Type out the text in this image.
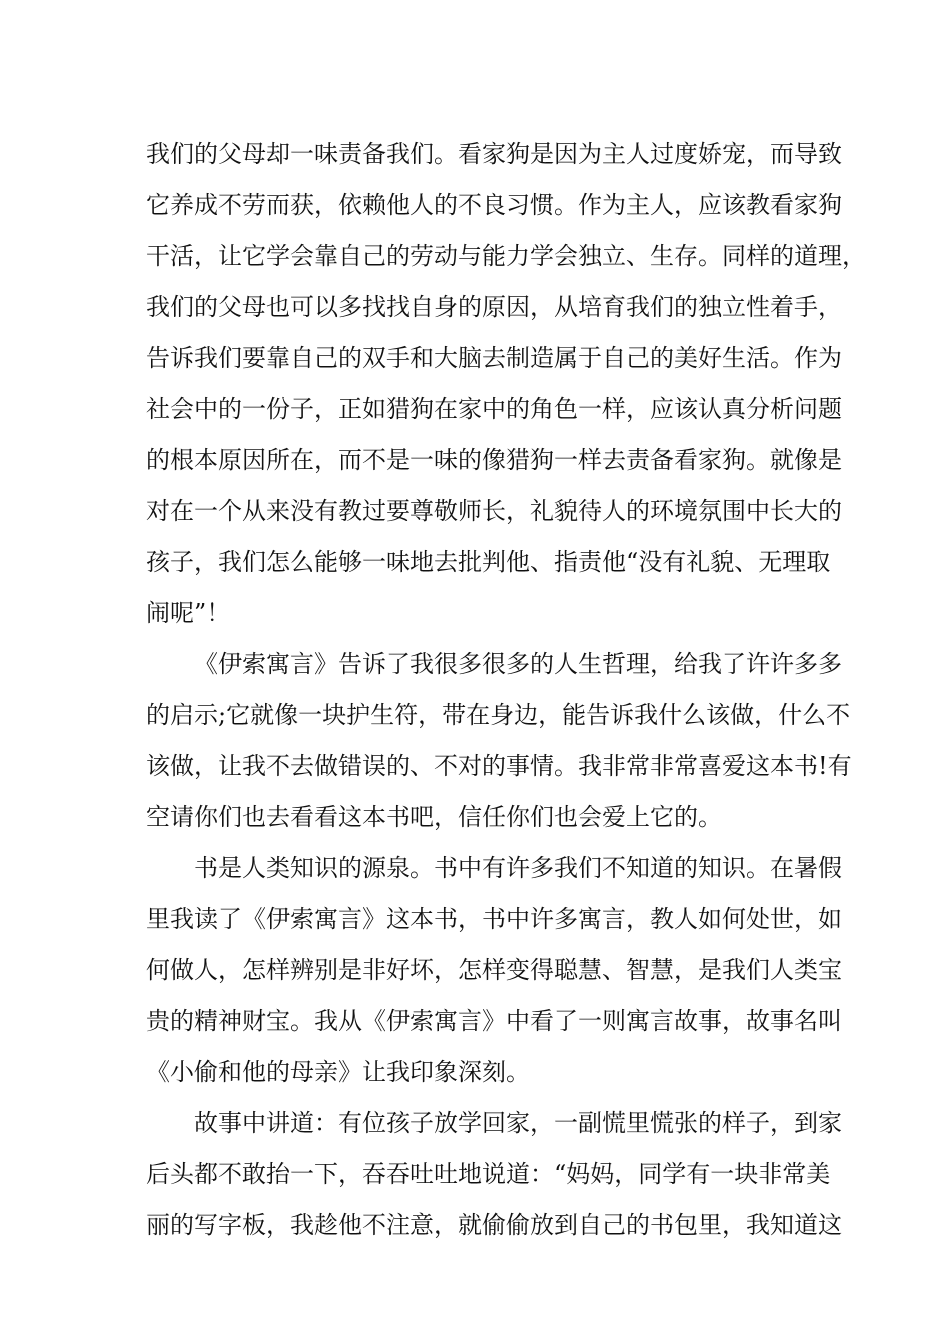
我们的父母却一味责备我们。看家狗是因为主人过度娇宠，而导致
它养成不劳而获，依赖他人的不良习惯。作为主人，应该教看家狗
干活，让它学会靠自己的劳动与能力学会独立、生存。同样的道理，
我们的父母也可以多找找自身的原因，从培育我们的独立性着手，
告诉我们要靠自己的双手和大脑去制造属于自己的美好生活。作为
社会中的一份子，正如猎狗在家中的角色一样，应该认真分析问题
的根本原因所在，而不是一味的像猎狗一样去责备看家狗。就像是
对在一个从来没有教过要尊敬师长，礼貌待人的环境氛围中长大的
孩子，我们怎么能够一味地去批判他、指责他“没有礼貌、无理取
闹呢”！
《伊索寓言》告诉了我很多很多的人生哲理，给我了许许多多
的启示;它就像一块护生符，带在身边，能告诉我什么该做，什么不
该做，让我不去做错误的、不对的事情。我非常非常喜爱这本书!有
空请你们也去看看这本书吧，信任你们也会爱上它的。
书是人类知识的源泉。书中有许多我们不知道的知识。在暑假
里我读了《伊索寓言》这本书，书中许多寓言，教人如何处世，如
何做人，怎样辨别是非好坏，怎样变得聪慧、智慧，是我们人类宝
贵的精神财宝。我从《伊索寓言》中看了一则寓言故事，故事名叫
《小偷和他的母亲》让我印象深刻。
故事中讲道：有位孩子放学回家，一副慌里慌张的样子，到家
后头都不敢抬一下，吞吞吐吐地说道：“妈妈，同学有一块非常美
丽的写字板，我趁他不注意，就偷偷放到自己的书包里，我知道这
